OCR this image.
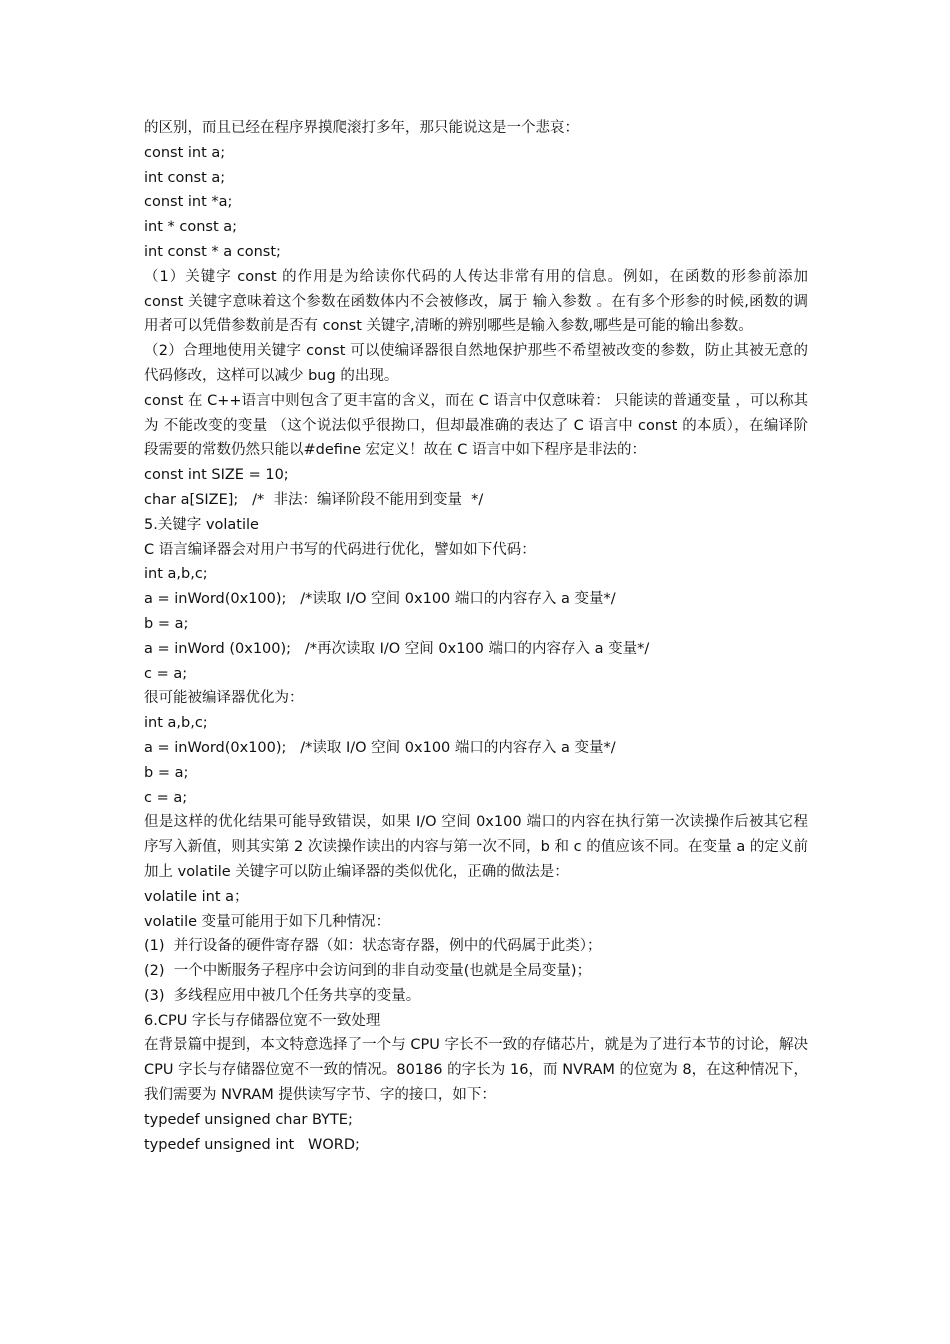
的区别，而且已经在程序界摸爬滚打多年，那只能说这是一个悲哀：
const int a;
int const a;
const int *a;
int * const a;
int const * a const;
（1）关键字 const 的作用是为给读你代码的人传达非常有用的信息。例如，在函数的形参前添加 const 关键字意味着这个参数在函数体内不会被修改，属于 输入参数 。在有多个形参的时候,函数的调用者可以凭借参数前是否有 const 关键字,清晰的辨别哪些是输入参数,哪些是可能的输出参数。
（2）合理地使用关键字 const 可以使编译器很自然地保护那些不希望被改变的参数，防止其被无意的代码修改，这样可以减少 bug 的出现。
const 在 C++语言中则包含了更丰富的含义，而在 C 语言中仅意味着： 只能读的普通变量 ，可以称其为 不能改变的变量 （这个说法似乎很拗口，但却最准确的表达了 C 语言中 const 的本质），在编译阶段需要的常数仍然只能以#define 宏定义！故在 C 语言中如下程序是非法的：
const int SIZE = 10;
char a[SIZE];   /*  非法：编译阶段不能用到变量  */
5.关键字 volatile
C 语言编译器会对用户书写的代码进行优化，譬如如下代码：
int a,b,c;
a = inWord(0x100);   /*读取 I/O 空间 0x100 端口的内容存入 a 变量*/
b = a;
a = inWord (0x100);   /*再次读取 I/O 空间 0x100 端口的内容存入 a 变量*/
c = a;
很可能被编译器优化为：
int a,b,c;
a = inWord(0x100);   /*读取 I/O 空间 0x100 端口的内容存入 a 变量*/
b = a;
c = a;
但是这样的优化结果可能导致错误，如果 I/O 空间 0x100 端口的内容在执行第一次读操作后被其它程序写入新值，则其实第 2 次读操作读出的内容与第一次不同，b 和 c 的值应该不同。在变量 a 的定义前加上 volatile 关键字可以防止编译器的类似优化，正确的做法是：
volatile int a；
volatile 变量可能用于如下几种情况：
(1)  并行设备的硬件寄存器（如：状态寄存器，例中的代码属于此类）；
(2)  一个中断服务子程序中会访问到的非自动变量(也就是全局变量)；
(3)  多线程应用中被几个任务共享的变量。
6.CPU 字长与存储器位宽不一致处理
在背景篇中提到，本文特意选择了一个与 CPU 字长不一致的存储芯片，就是为了进行本节的讨论，解决 CPU 字长与存储器位宽不一致的情况。80186 的字长为 16，而 NVRAM 的位宽为 8，在这种情况下，我们需要为 NVRAM 提供读写字节、字的接口，如下：
typedef unsigned char BYTE;
typedef unsigned int   WORD;
